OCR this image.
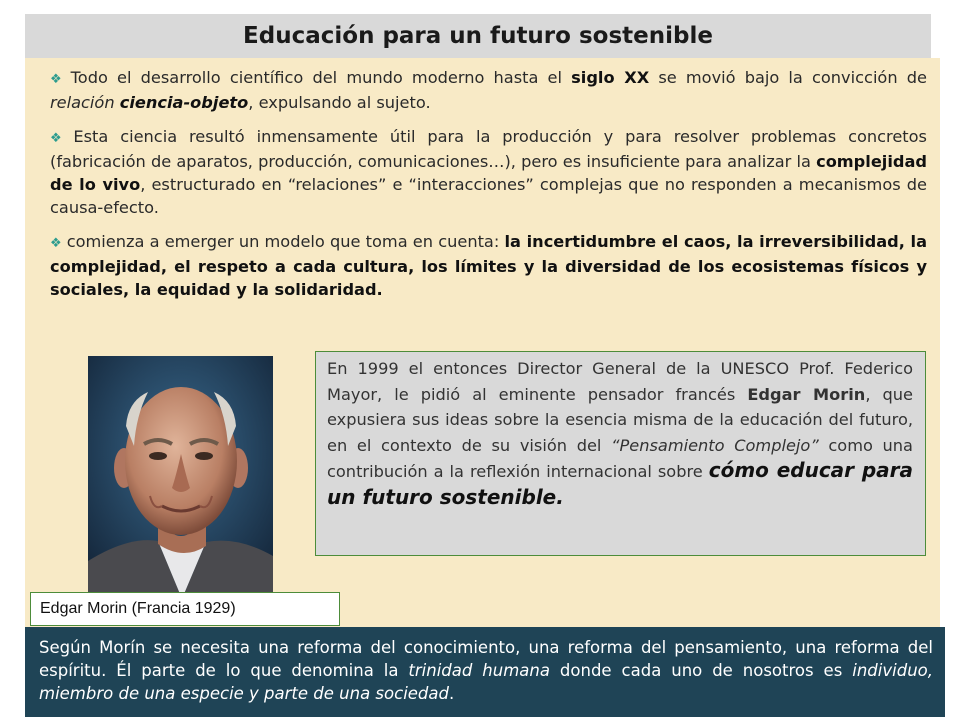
Educación para un futuro sostenible

❖ Todo el desarrollo científico del mundo moderno hasta el siglo XX se movió bajo la convicción de relación ciencia-objeto, expulsando al sujeto.

❖ Esta ciencia resultó inmensamente útil para la producción y para resolver problemas concretos (fabricación de aparatos, producción, comunicaciones…), pero es insuficiente para analizar la complejidad de lo vivo, estructurado en “relaciones” e “interacciones” complejas que no responden a mecanismos de causa-efecto.

❖ comienza a emerger un modelo que toma en cuenta: la incertidumbre el caos, la irreversibilidad, la complejidad, el respeto a cada cultura, los límites y la diversidad de los ecosistemas físicos y sociales, la equidad y la solidaridad.

Edgar Morin (Francia 1929)
En 1999 el entonces Director General de la UNESCO Prof. Federico Mayor, le pidió al eminente pensador francés Edgar Morin, que expusiera sus ideas sobre la esencia misma de la educación del futuro, en el contexto de su visión del “Pensamiento Complejo” como una contribución a la reflexión internacional sobre cómo educar para un futuro sostenible.
Según Morín se necesita una reforma del conocimiento, una reforma del pensamiento, una reforma del espíritu. Él parte de lo que denomina la trinidad humana donde cada uno de nosotros es individuo, miembro de una especie y parte de una sociedad.
